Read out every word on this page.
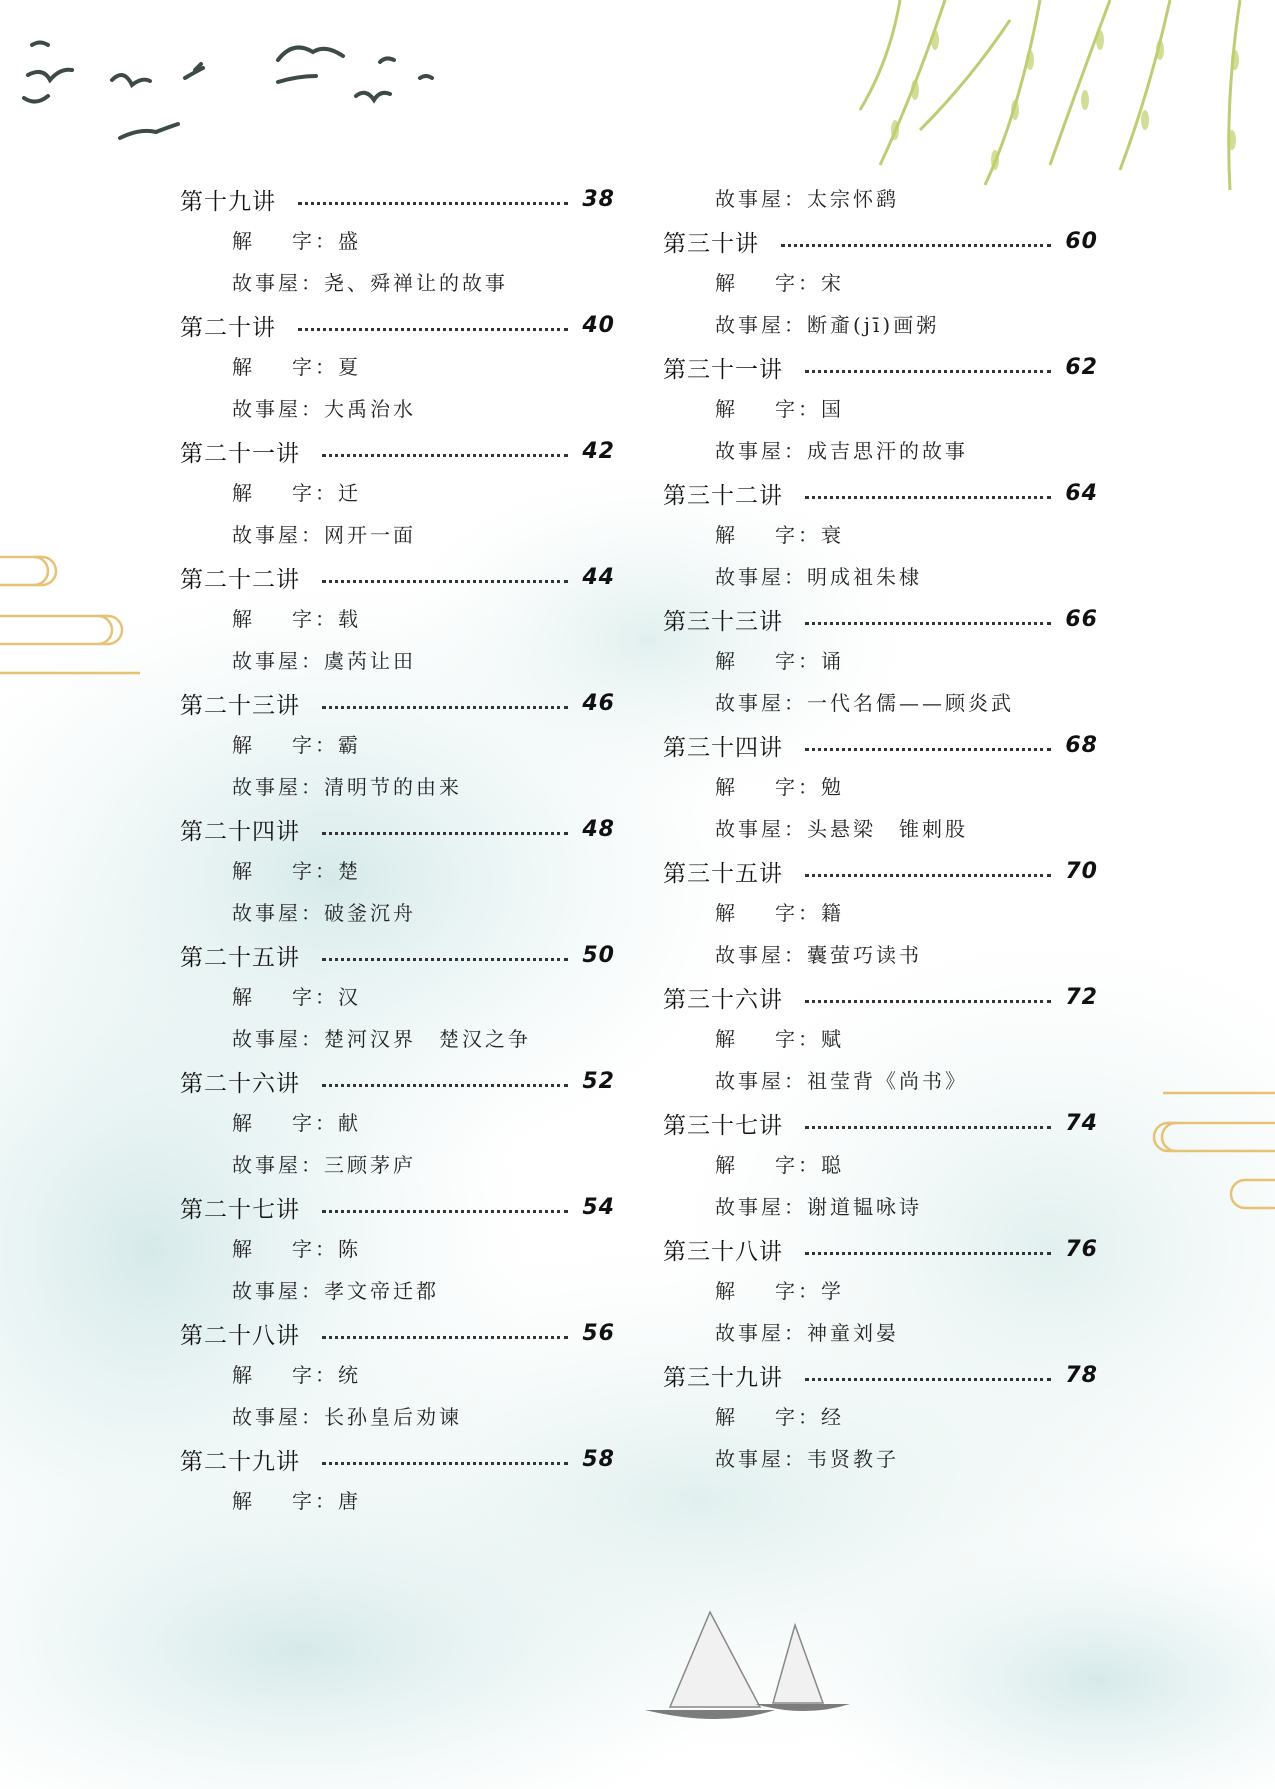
第十九讲	38
解 字：盛
故事屋：尧、舜禅让的故事
第二十讲	40
解 字：夏
故事屋：大禹治水
第二十一讲	42
解 字：迁
故事屋：网开一面
第二十二讲	44
解 字：载
故事屋：虞芮让田
第二十三讲	46
解 字：霸
故事屋：清明节的由来
第二十四讲	48
解 字：楚
故事屋：破釜沉舟
第二十五讲	50
解 字：汉
故事屋：楚河汉界　楚汉之争
第二十六讲	52
解 字：献
故事屋：三顾茅庐
第二十七讲	54
解 字：陈
故事屋：孝文帝迁都
第二十八讲	56
解 字：统
故事屋：长孙皇后劝谏
第二十九讲	58
解 字：唐
故事屋：太宗怀鹞
第三十讲	60
解 字：宋
故事屋：断齑(jī)画粥
第三十一讲	62
解 字：国
故事屋：成吉思汗的故事
第三十二讲	64
解 字：衰
故事屋：明成祖朱棣
第三十三讲	66
解 字：诵
故事屋：一代名儒——顾炎武
第三十四讲	68
解 字：勉
故事屋：头悬梁　锥刺股
第三十五讲	70
解 字：籍
故事屋：囊萤巧读书
第三十六讲	72
解 字：赋
故事屋：祖莹背《尚书》
第三十七讲	74
解 字：聪
故事屋：谢道韫咏诗
第三十八讲	76
解 字：学
故事屋：神童刘晏
第三十九讲	78
解 字：经
故事屋：韦贤教子
